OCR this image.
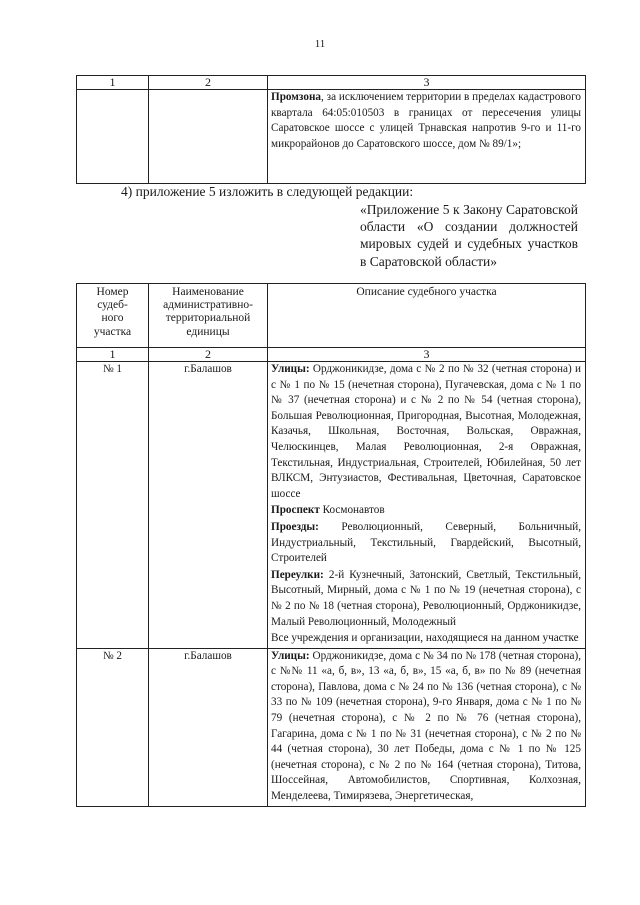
11
1	2	3

		Промзона, за исключением территории в пределах кадастрового квартала 64:05:010503 в границах от пересечения улицы Саратовское шоссе с улицей Трнавская напротив 9-го и 11-го микрорайонов до Саратовского шоссе, дом № 89/1»;
4) приложение 5 изложить в следующей редакции:
«Приложение 5 к Закону Саратовской области «О создании должностей мировых судей и судебных участков в Саратовской области»
Номер судеб-ного участка	Наименование административно-территориальной единицы	Описание судебного участка

1	2	3

№ 1	г.Балашов	Улицы: Орджоникидзе, дома с № 2 по № 32 (четная сторона) и с № 1 по № 15 (нечетная сторона), Пугачевская, дома с № 1 по № 37 (нечетная сторона) и с № 2 по № 54 (четная сторона), Большая Революционная, Пригородная, Высотная, Молодежная, Казачья, Школьная, Восточная, Вольская, Овражная, Челюскинцев, Малая Революционная, 2-я Овражная, Текстильная, Индустриальная, Строителей, Юбилейная, 50 лет ВЛКСМ, Энтузиастов, Фестивальная, Цветочная, Саратовское шоссе
Проспект Космонавтов
Проезды: Революционный, Северный, Больничный, Индустриальный, Текстильный, Гвардейский, Высотный, Строителей
Переулки: 2-й Кузнечный, Затонский, Светлый, Текстильный, Высотный, Мирный, дома с № 1 по № 19 (нечетная сторона), с № 2 по № 18 (четная сторона), Революционный, Орджоникидзе, Малый Революционный, Молодежный
Все учреждения и организации, находящиеся на данном участке

№ 2	г.Балашов	Улицы: Орджоникидзе, дома с № 34 по № 178 (четная сторона), с №№ 11 «а, б, в», 13 «а, б, в», 15 «а, б, в» по № 89 (нечетная сторона), Павлова, дома с № 24 по № 136 (четная сторона), с № 33 по № 109 (нечетная сторона), 9-го Января, дома с № 1 по № 79 (нечетная сторона), с № 2 по № 76 (четная сторона), Гагарина, дома с № 1 по № 31 (нечетная сторона), с № 2 по № 44 (четная сторона), 30 лет Победы, дома с № 1 по № 125 (нечетная сторона), с № 2 по № 164 (четная сторона), Титова, Шоссейная, Автомобилистов, Спортивная, Колхозная, Менделеева, Тимирязева, Энергетическая,
